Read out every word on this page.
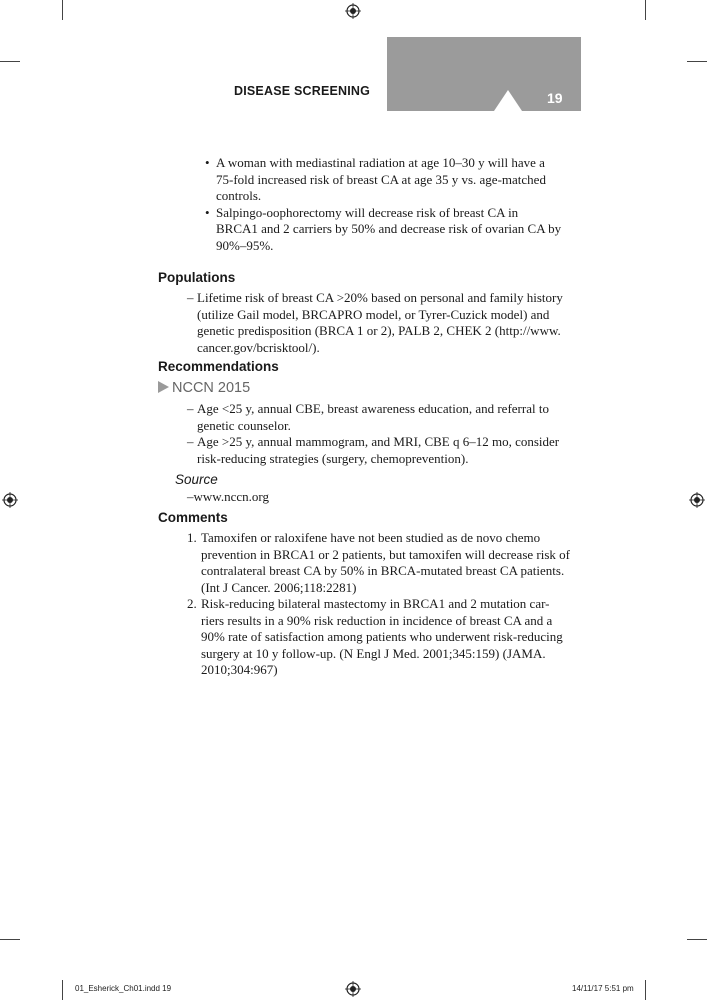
19
DISEASE SCREENING
• A woman with mediastinal radiation at age 10–30 y will have a
75-fold increased risk of breast CA at age 35 y vs. age-matched
controls.
• Salpingo-oophorectomy will decrease risk of breast CA in
BRCA1 and 2 carriers by 50% and decrease risk of ovarian CA by
90%–95%.
Populations
– Lifetime risk of breast CA >20% based on personal and family history
(utilize Gail model, BRCAPRO model, or Tyrer-Cuzick model) and
genetic predisposition (BRCA 1 or 2), PALB 2, CHEK 2 (http://www.
cancer.gov/bcrisktool/).
Recommendations
NCCN 2015
– Age <25 y, annual CBE, breast awareness education, and referral to
genetic counselor.
– Age >25 y, annual mammogram, and MRI, CBE q 6–12 mo, consider
risk-reducing strategies (surgery, chemoprevention).
Source
–www.nccn.org
Comments
1. Tamoxifen or raloxifene have not been studied as de novo chemo
prevention in BRCA1 or 2 patients, but tamoxifen will decrease risk of
contralateral breast CA by 50% in BRCA-mutated breast CA patients.
(Int J Cancer. 2006;118:2281)
2. Risk-reducing bilateral mastectomy in BRCA1 and 2 mutation car-
riers results in a 90% risk reduction in incidence of breast CA and a
90% rate of satisfaction among patients who underwent risk-reducing
surgery at 10 y follow-up. (N Engl J Med. 2001;345:159) (JAMA.
2010;304:967)
01_Esherick_Ch01.indd 19	14/11/17 5:51 pm
